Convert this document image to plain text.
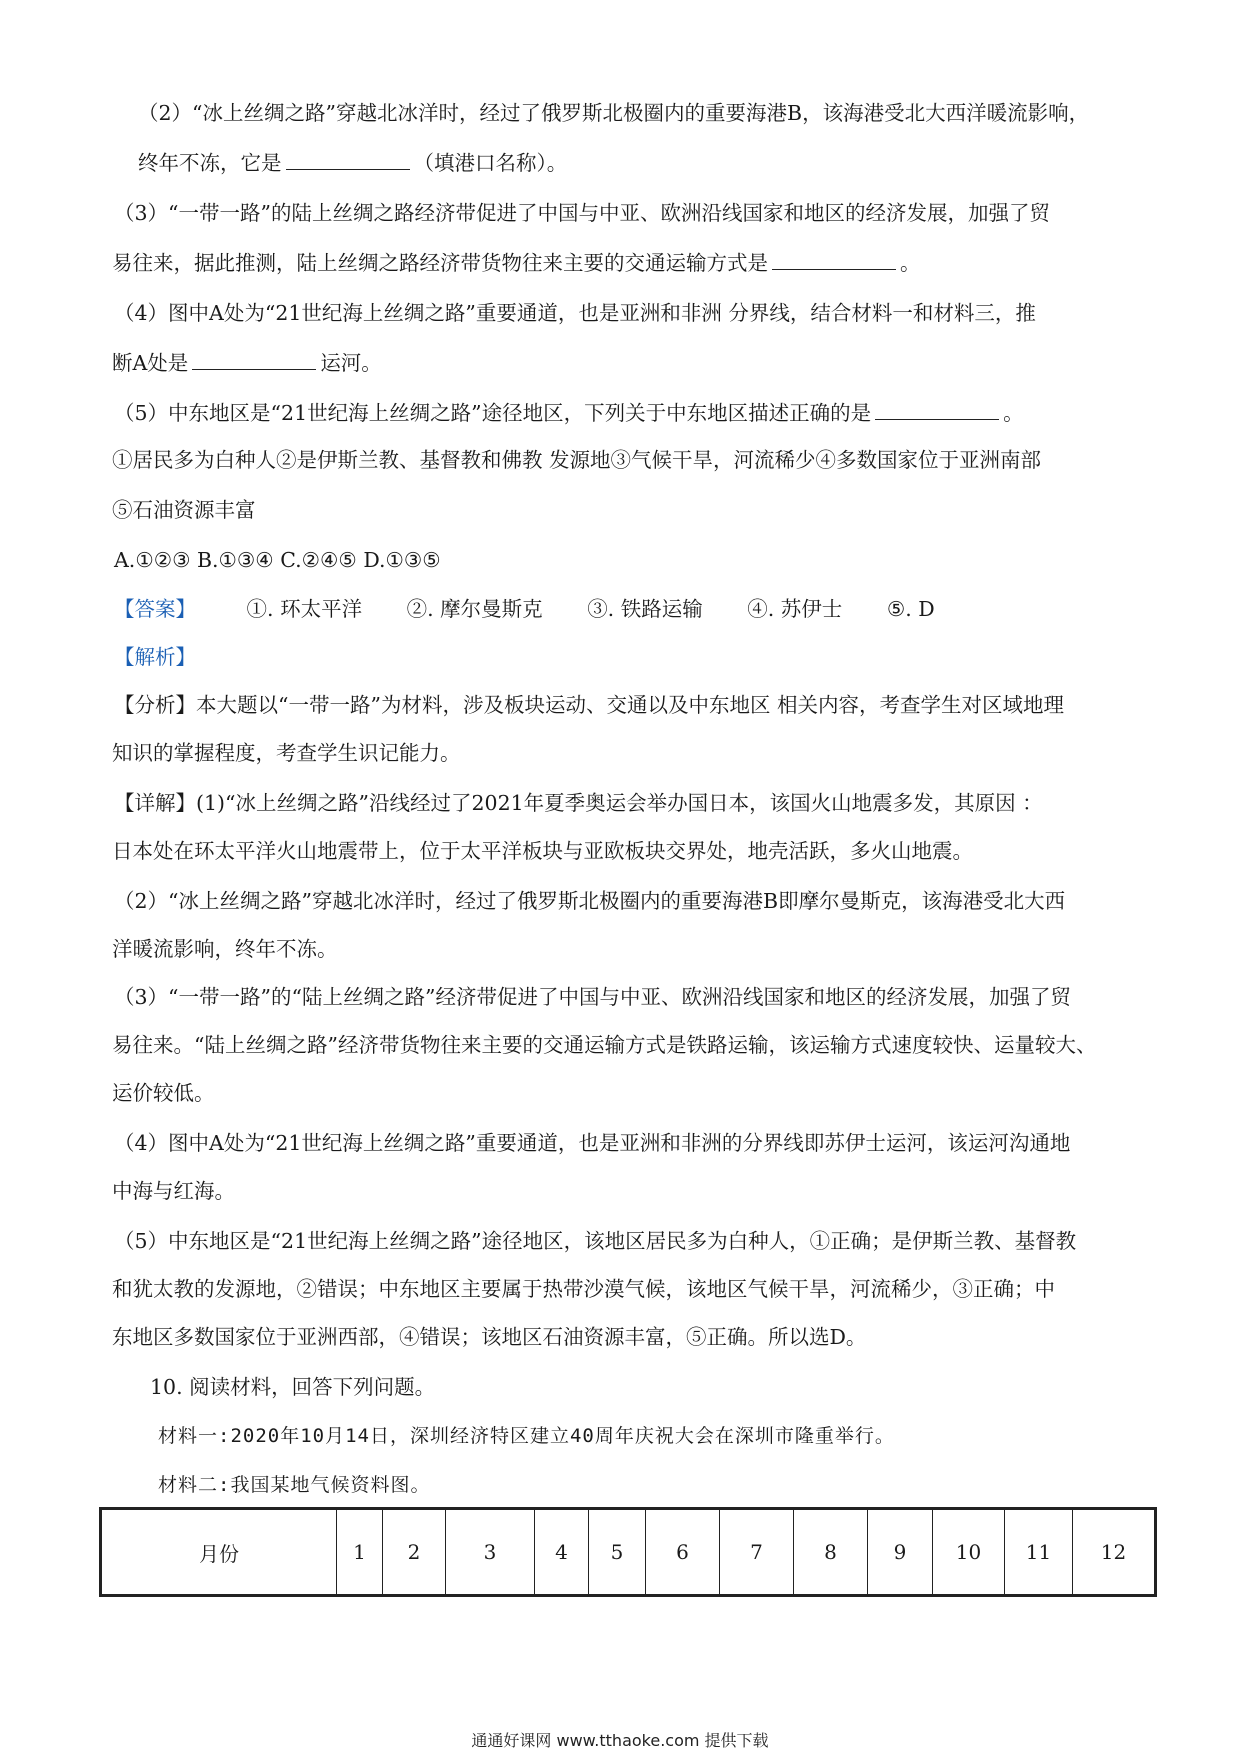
（2）“冰上丝绸之路”穿越北冰洋时，经过了俄罗斯北极圈内的重要海港B，该海港受北大西洋暖流影响，
终年不冻，它是	（填港口名称）。
（3）“一带一路”的陆上丝绸之路经济带促进了中国与中亚、欧洲沿线国家和地区的经济发展，加强了贸
易往来，据此推测，陆上丝绸之路经济带货物往来主要的交通运输方式是	。
（4）图中A处为“21世纪海上丝绸之路”重要通道，也是亚洲和非洲 分界线，结合材料一和材料三，推
断A处是	运河。
（5）中东地区是“21世纪海上丝绸之路”途径地区，下列关于中东地区描述正确的是	。
①居民多为白种人②是伊斯兰教、基督教和佛教 发源地③气候干旱，河流稀少④多数国家位于亚洲南部
⑤石油资源丰富
A.①②③ B.①③④ C.②④⑤ D.①③⑤
【答案】 ①. 环太平洋 ②. 摩尔曼斯克 ③. 铁路运输 ④. 苏伊士 ⑤. D
【解析】
【分析】本大题以“一带一路”为材料，涉及板块运动、交通以及中东地区 相关内容，考查学生对区域地理
知识的掌握程度，考查学生识记能力。
【详解】(1)“冰上丝绸之路”沿线经过了2021年夏季奥运会举办国日本，该国火山地震多发，其原因 ：
日本处在环太平洋火山地震带上，位于太平洋板块与亚欧板块交界处，地壳活跃，多火山地震。
（2）“冰上丝绸之路”穿越北冰洋时，经过了俄罗斯北极圈内的重要海港B即摩尔曼斯克，该海港受北大西
洋暖流影响，终年不冻。
（3）“一带一路”的“陆上丝绸之路”经济带促进了中国与中亚、欧洲沿线国家和地区的经济发展，加强了贸
易往来。“陆上丝绸之路”经济带货物往来主要的交通运输方式是铁路运输，该运输方式速度较快、运量较大、
运价较低。
（4）图中A处为“21世纪海上丝绸之路”重要通道，也是亚洲和非洲的分界线即苏伊士运河，该运河沟通地
中海与红海。
（5）中东地区是“21世纪海上丝绸之路”途径地区，该地区居民多为白种人，①正确；是伊斯兰教、基督教
和犹太教的发源地，②错误；中东地区主要属于热带沙漠气候，该地区气候干旱，河流稀少，③正确；中
东地区多数国家位于亚洲西部，④错误；该地区石油资源丰富，⑤正确。所以选D。
10. 阅读材料，回答下列问题。
材料一:2020年10月14日，深圳经济特区建立40周年庆祝大会在深圳市隆重举行。
材料二:我国某地气候资料图。
月份	1	2	3	4	5	6	7	8	9	10	11	12
通通好课网 www.tthaoke.com 提供下载
